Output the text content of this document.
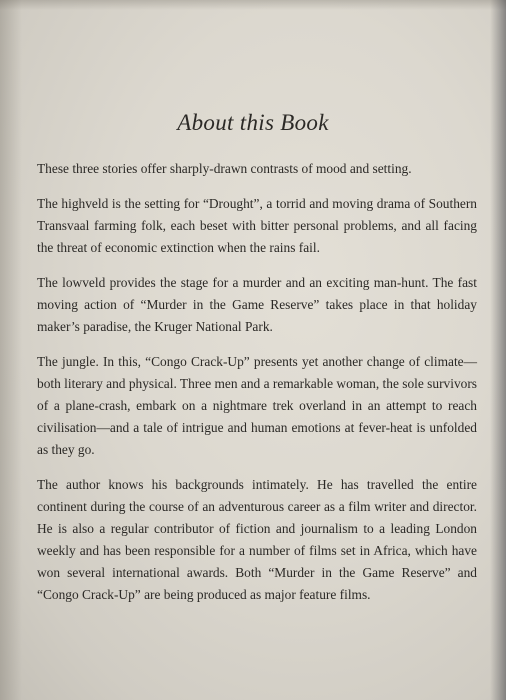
About this Book

These three stories offer sharply-drawn contrasts of mood and setting.

The highveld is the setting for “Drought”, a torrid and moving drama of Southern Transvaal farming folk, each beset with bitter personal problems, and all facing the threat of economic extinction when the rains fail.

The lowveld provides the stage for a murder and an exciting man-hunt. The fast moving action of “Murder in the Game Reserve” takes place in that holiday maker’s paradise, the Kruger National Park.

The jungle. In this, “Congo Crack-Up” presents yet another change of climate—both literary and physical. Three men and a remarkable woman, the sole survivors of a plane-crash, embark on a nightmare trek overland in an attempt to reach civilisation—and a tale of intrigue and human emotions at fever-heat is unfolded as they go.

The author knows his backgrounds intimately. He has travelled the entire continent during the course of an adventurous career as a film writer and director. He is also a regular contributor of fiction and journalism to a leading London weekly and has been responsible for a number of films set in Africa, which have won several international awards. Both “Murder in the Game Reserve” and “Congo Crack-Up” are being produced as major feature films.
